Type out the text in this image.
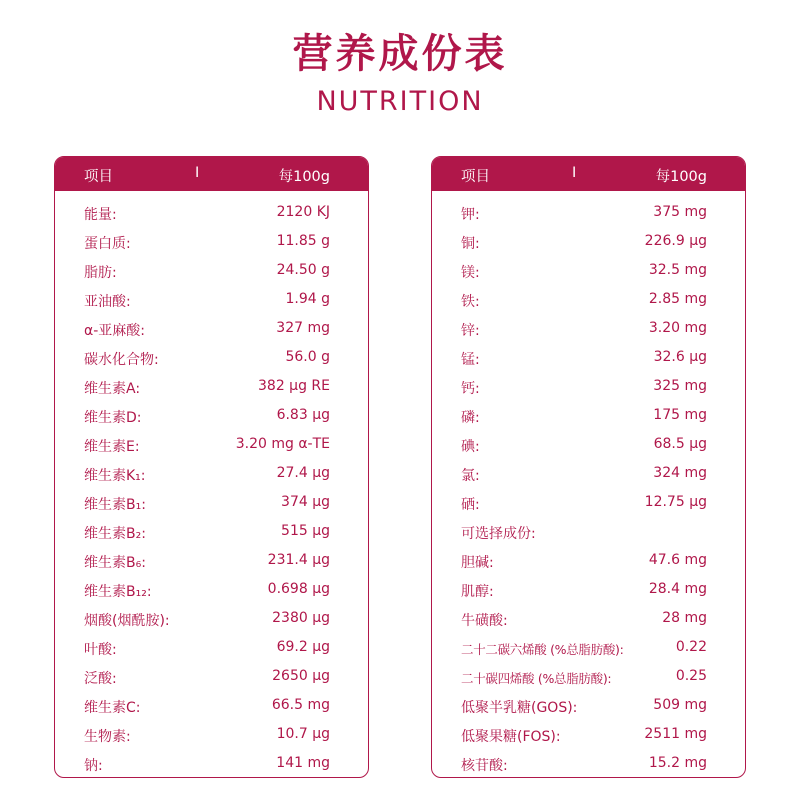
营养成份表
NUTRITION
项目	I	每100g
能量:	2120 KJ
蛋白质:	11.85 g
脂肪:	24.50 g
亚油酸:	1.94 g
α-亚麻酸:	327 mg
碳水化合物:	56.0 g
维生素A:	382 μg RE
维生素D:	6.83 μg
维生素E:	3.20 mg α-TE
维生素K₁:	27.4 μg
维生素B₁:	374 μg
维生素B₂:	515 μg
维生素B₆:	231.4 μg
维生素B₁₂:	0.698 μg
烟酸(烟酰胺):	2380 μg
叶酸:	69.2 μg
泛酸:	2650 μg
维生素C:	66.5 mg
生物素:	10.7 μg
钠:	141 mg
项目	I	每100g
钾:	375 mg
铜:	226.9 μg
镁:	32.5 mg
铁:	2.85 mg
锌:	3.20 mg
锰:	32.6 μg
钙:	325 mg
磷:	175 mg
碘:	68.5 μg
氯:	324 mg
硒:	12.75 μg
可选择成份:
胆碱:	47.6 mg
肌醇:	28.4 mg
牛磺酸:	28 mg
二十二碳六烯酸 (%总脂肪酸):	0.22
二十碳四烯酸 (%总脂肪酸):	0.25
低聚半乳糖(GOS):	509 mg
低聚果糖(FOS):	2511 mg
核苷酸:	15.2 mg
